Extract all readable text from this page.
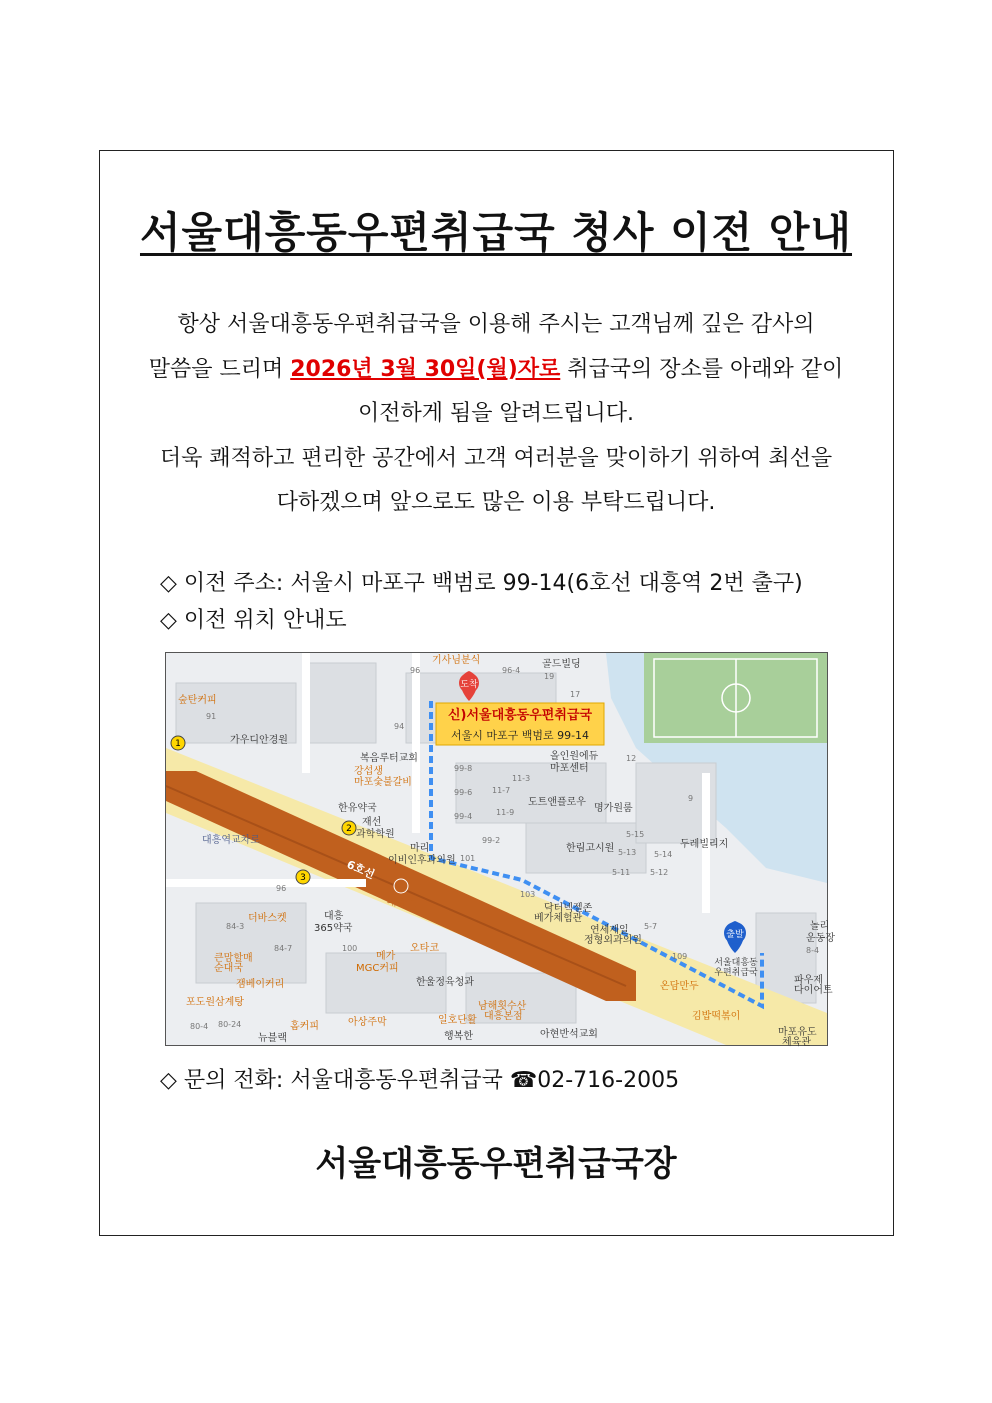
서울대흥동우편취급국 청사 이전 안내

항상 서울대흥동우편취급국을 이용해 주시는 고객님께 깊은 감사의

말씀을 드리며 2026년 3월 30일(월)자로 취급국의 장소를 아래와 같이

이전하게 됨을 알려드립니다.

더욱 쾌적하고 편리한 공간에서 고객 여러분을 맞이하기 위하여 최선을

다하겠으며 앞으로도 많은 이용 부탁드립니다.

◇ 이전 주소: 서울시 마포구 백범로 99-14(6호선 대흥역 2번 출구)
◇ 이전 위치 안내도
도착
신)서울대흥동우편취급국
서울시 마포구 백범로 99-14
출발
서울대흥동
우편취급국
6호선
대흥역
대흥역교차로
1
2
3
기사님분식	골드빌딩
숲탄커피
가우디안경원
복음루터교회
강섭생
마포숯불갈비
한유약국
올인원에듀
마포센터
도트앤플로우
명가원룸
재선
과학학원
마리
이비인후과의원
한림고시원	두레빌리지
닥터넥젤존
베가체험관
연세제일
정형외과의원
더바스켓	대흥
365약국
메가
MGC커피
오타코
큰맘할매
순대국
잼베이커리
포도원삼계탕
홈커피	아상주막
한울정육청과
남해횟수산
대흥본점
일호단활
행복한	아현반석교회
뉴블랙
온담만두
김밥떡볶이
파우제
다이어트
마포유도
체육관
놀리
운동장
96	96-4
19
17
91
94
99-8
99-6
99-4
11-3
11-7
11-9
12
9
5-15
5-13 5-14
5-11 5-12
101
99-2
103
100
109
5-7
96
84-3
84-7
80-4 80-24
8-4
◇ 문의 전화: 서울대흥동우편취급국 ☎02-716-2005
서울대흥동우편취급국장
